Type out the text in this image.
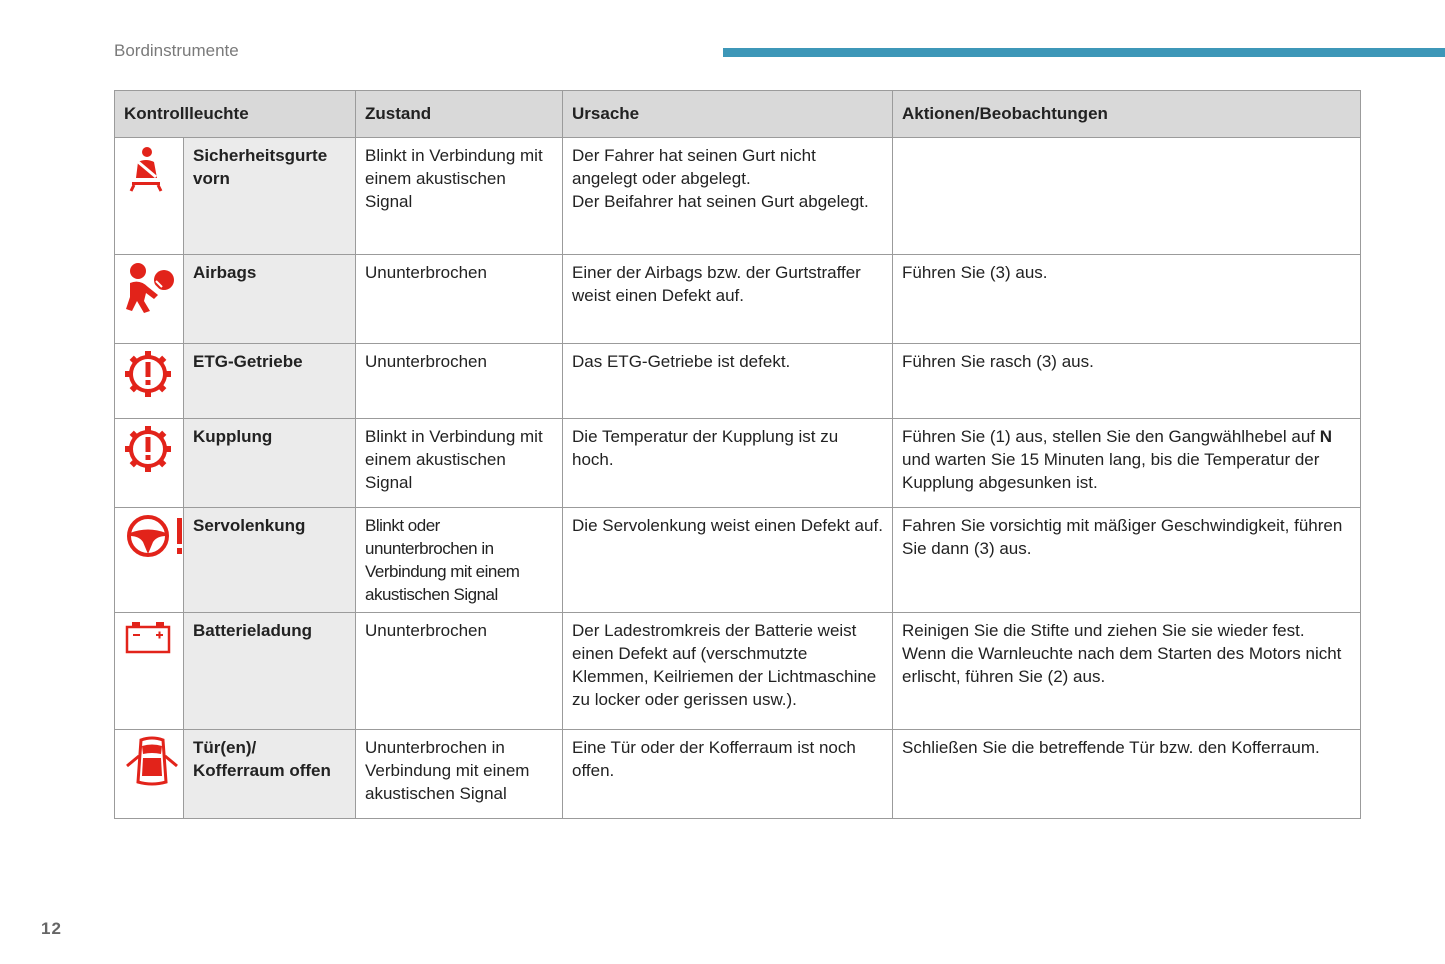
Bordinstrumente
Kontrollleuchte		Zustand	Ursache	Aktionen/Beobachtungen

	Sicherheitsgurte vorn	Blinkt in Verbindung mit einem akustischen Signal	Der Fahrer hat seinen Gurt nicht angelegt oder abgelegt.
Der Beifahrer hat seinen Gurt abgelegt.	

	Airbags	Ununterbrochen	Einer der Airbags bzw. der Gurtstraffer weist einen Defekt auf.	Führen Sie (3) aus.

	ETG-Getriebe	Ununterbrochen	Das ETG-Getriebe ist defekt.	Führen Sie rasch (3) aus.

	Kupplung	Blinkt in Verbindung mit einem akustischen Signal	Die Temperatur der Kupplung ist zu hoch.	Führen Sie (1) aus, stellen Sie den Gangwählhebel auf N und warten Sie 15 Minuten lang, bis die Temperatur der Kupplung abgesunken ist.

	Servolenkung	Blinkt oder ununterbrochen in Verbindung mit einem akustischen Signal	Die Servolenkung weist einen Defekt auf.	Fahren Sie vorsichtig mit mäßiger Geschwindigkeit, führen Sie dann (3) aus.

	Batterieladung	Ununterbrochen	Der Ladestromkreis der Batterie weist einen Defekt auf (verschmutzte Klemmen, Keilriemen der Lichtmaschine zu locker oder gerissen usw.).	Reinigen Sie die Stifte und ziehen Sie sie wieder fest. Wenn die Warnleuchte nach dem Starten des Motors nicht erlischt, führen Sie (2) aus.

	Tür(en)/ Kofferraum offen	Ununterbrochen in Verbindung mit einem akustischen Signal	Eine Tür oder der Kofferraum ist noch offen.	Schließen Sie die betreffende Tür bzw. den Kofferraum.
12
